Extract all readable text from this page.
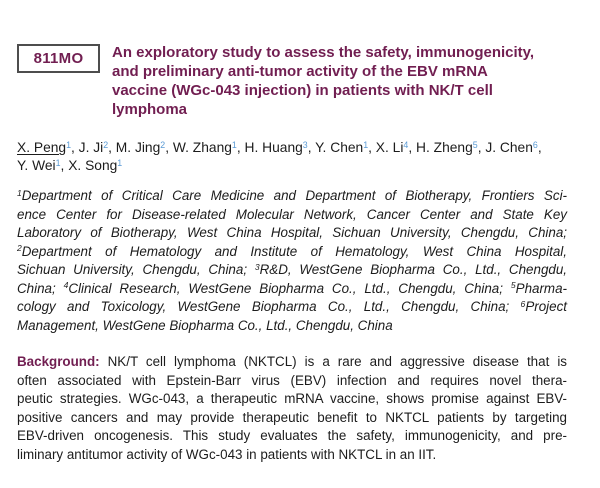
811MO An exploratory study to assess the safety, immunogenicity,
and preliminary anti-tumor activity of the EBV mRNA
vaccine (WGc-043 injection) in patients with NK/T cell
lymphoma
X. Peng$^1$, J. Ji$^2$, M. Jing$^2$, W. Zhang$^1$, H. Huang$^3$, Y. Chen$^1$, X. Li$^4$, H. Zheng$^5$, J. Chen$^6$,
Y. Wei$^1$, X. Song$^1$
$^1$Department of Critical Care Medicine and Department of Biotherapy, Frontiers Sci-
ence Center for Disease-related Molecular Network, Cancer Center and State Key
Laboratory of Biotherapy, West China Hospital, Sichuan University, Chengdu, China;
$^2$Department of Hematology and Institute of Hematology, West China Hospital,
Sichuan University, Chengdu, China; $^3$R&D, WestGene Biopharma Co., Ltd., Chengdu,
China; $^4$Clinical Research, WestGene Biopharma Co., Ltd., Chengdu, China; $^5$Pharma-
cology and Toxicology, WestGene Biopharma Co., Ltd., Chengdu, China; $^6$Project
Management, WestGene Biopharma Co., Ltd., Chengdu, China
Background: NK/T cell lymphoma (NKTCL) is a rare and aggressive disease that is
often associated with Epstein-Barr virus (EBV) infection and requires novel thera-
peutic strategies. WGc-043, a therapeutic mRNA vaccine, shows promise against EBV-
positive cancers and may provide therapeutic benefit to NKTCL patients by targeting
EBV-driven oncogenesis. This study evaluates the safety, immunogenicity, and pre-
liminary antitumor activity of WGc-043 in patients with NKTCL in an IIT.
